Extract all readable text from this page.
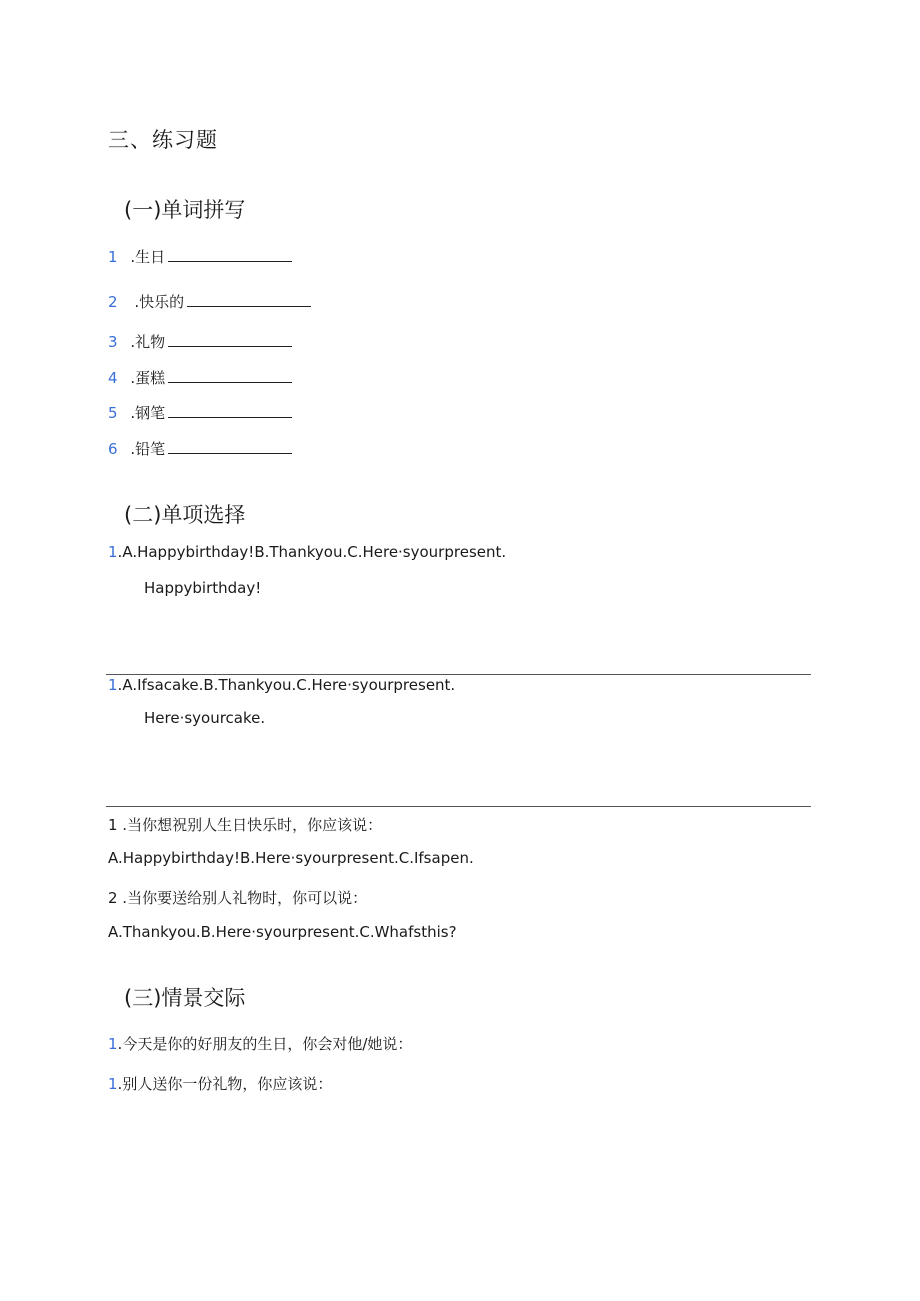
三、练习题
(一)单词拼写
1 .生日
2 .快乐的
3 .礼物
4 .蛋糕
5 .钢笔
6 .铅笔
(二)单项选择
1.A.Happybirthday!B.Thankyou.C.Here·syourpresent.
Happybirthday!
1.A.Ifsacake.B.Thankyou.C.Here·syourpresent.
Here·syourcake.
1 .当你想祝别人生日快乐时，你应该说：
A.Happybirthday!B.Here·syourpresent.C.Ifsapen.
2 .当你要送给别人礼物时，你可以说：
A.Thankyou.B.Here·syourpresent.C.Whafsthis?
(三)情景交际
1.今天是你的好朋友的生日，你会对他/她说：
1.别人送你一份礼物，你应该说：
